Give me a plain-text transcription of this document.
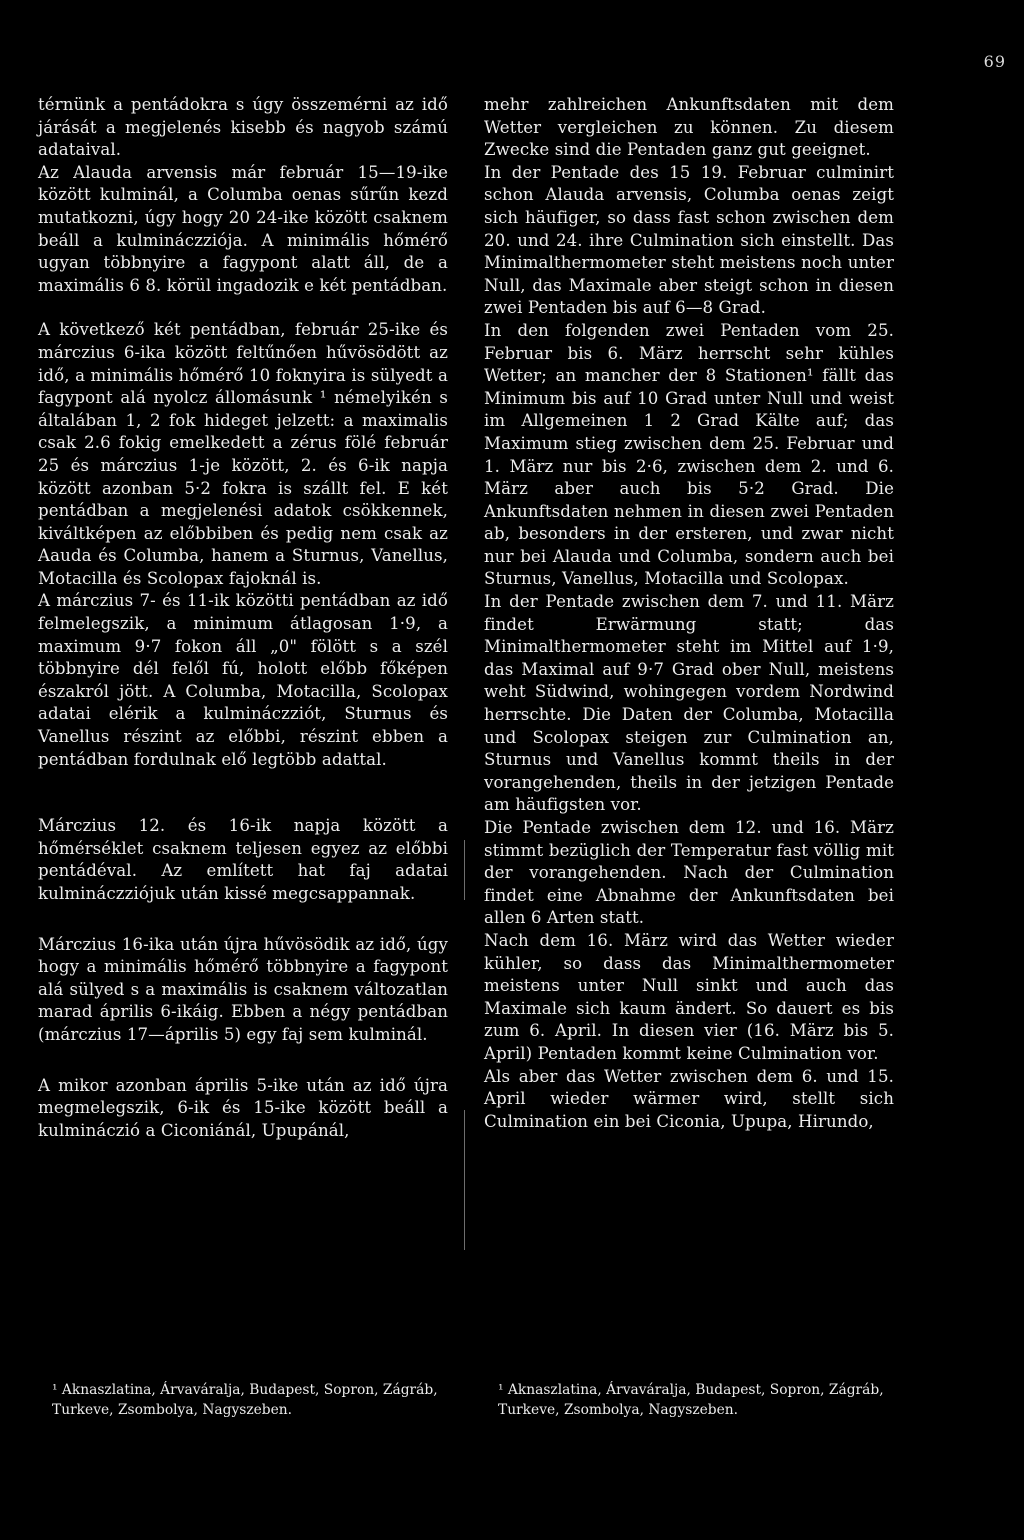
69

térnünk a pentádokra s úgy összemérni az idő járását a megjelenés kisebb és nagyob számú adataival.

Az Alauda arvensis már február 15—19-ike között kulminál, a Columba oenas sűrűn kezd mutatkozni, úgy hogy 20 24-ike között csaknem beáll a kulmináczziója. A minimális hőmérő ugyan többnyire a fagypont alatt áll, de a maximális 6 8. körül ingadozik e két pentádban.

A következő két pentádban, február 25-ike és márczius 6-ika között feltűnően hűvösödött az idő, a minimális hőmérő 10 foknyira is sülyedt a fagypont alá nyolcz állomásunk ¹ némelyikén s általában 1, 2 fok hideget jelzett: a maximalis csak 2.6 fokig emelkedett a zérus fölé február 25 és márczius 1-je között, 2. és 6-ik napja között azonban 5·2 fokra is szállt fel. E két pentádban a megjelenési adatok csökkennek, kiváltképen az előbbiben és pedig nem csak az Aauda és Columba, hanem a Sturnus, Vanellus, Motacilla és Scolopax fajoknál is.

A márczius 7- és 11-ik közötti pentádban az idő felmelegszik, a minimum átlagosan 1·9, a maximum 9·7 fokon áll „0" fölött s a szél többnyire dél felől fú, holott előbb főképen északról jött. A Columba, Motacilla, Scolopax adatai elérik a kulmináczziót, Sturnus és Vanellus részint az előbbi, részint ebben a pentádban fordulnak elő legtöbb adattal.

Márczius 12. és 16-ik napja között a hőmérséklet csaknem teljesen egyez az előbbi pentádéval. Az említett hat faj adatai kulmináczziójuk után kissé megcsappannak.

Márczius 16-ika után újra hűvösödik az idő, úgy hogy a minimális hőmérő többnyire a fagypont alá sülyed s a maximális is csaknem változatlan marad április 6-ikáig. Ebben a négy pentádban (márczius 17—április 5) egy faj sem kulminál.

A mikor azonban április 5-ike után az idő újra megmelegszik, 6-ik és 15-ike között beáll a kulmináczió a Ciconiánál, Upupánál,

mehr zahlreichen Ankunftsdaten mit dem Wetter vergleichen zu können. Zu diesem Zwecke sind die Pentaden ganz gut geeignet.

In der Pentade des 15 19. Februar culminirt schon Alauda arvensis, Columba oenas zeigt sich häufiger, so dass fast schon zwischen dem 20. und 24. ihre Culmination sich einstellt. Das Minimalthermometer steht meistens noch unter Null, das Maximale aber steigt schon in diesen zwei Pentaden bis auf 6—8 Grad.

In den folgenden zwei Pentaden vom 25. Februar bis 6. März herrscht sehr kühles Wetter; an mancher der 8 Stationen¹ fällt das Minimum bis auf 10 Grad unter Null und weist im Allgemeinen 1 2 Grad Kälte auf; das Maximum stieg zwischen dem 25. Februar und 1. März nur bis 2·6, zwischen dem 2. und 6. März aber auch bis 5·2 Grad. Die Ankunftsdaten nehmen in diesen zwei Pentaden ab, besonders in der ersteren, und zwar nicht nur bei Alauda und Columba, sondern auch bei Sturnus, Vanellus, Motacilla und Scolopax.

In der Pentade zwischen dem 7. und 11. März findet Erwärmung statt; das Minimalthermometer steht im Mittel auf 1·9, das Maximal auf 9·7 Grad ober Null, meistens weht Südwind, wohingegen vordem Nordwind herrschte. Die Daten der Columba, Motacilla und Scolopax steigen zur Culmination an, Sturnus und Vanellus kommt theils in der vorangehenden, theils in der jetzigen Pentade am häufigsten vor.

Die Pentade zwischen dem 12. und 16. März stimmt bezüglich der Temperatur fast völlig mit der vorangehenden. Nach der Culmination findet eine Abnahme der Ankunftsdaten bei allen 6 Arten statt.

Nach dem 16. März wird das Wetter wieder kühler, so dass das Minimalthermometer meistens unter Null sinkt und auch das Maximale sich kaum ändert. So dauert es bis zum 6. April. In diesen vier (16. März bis 5. April) Pentaden kommt keine Culmination vor.

Als aber das Wetter zwischen dem 6. und 15. April wieder wärmer wird, stellt sich Culmination ein bei Ciconia, Upupa, Hirundo,

¹ Aknaszlatina, Árvaváralja, Budapest, Sopron, Zágráb, Turkeve, Zsombolya, Nagyszeben.
¹ Aknaszlatina, Árvaváralja, Budapest, Sopron, Zágráb, Turkeve, Zsombolya, Nagyszeben.
